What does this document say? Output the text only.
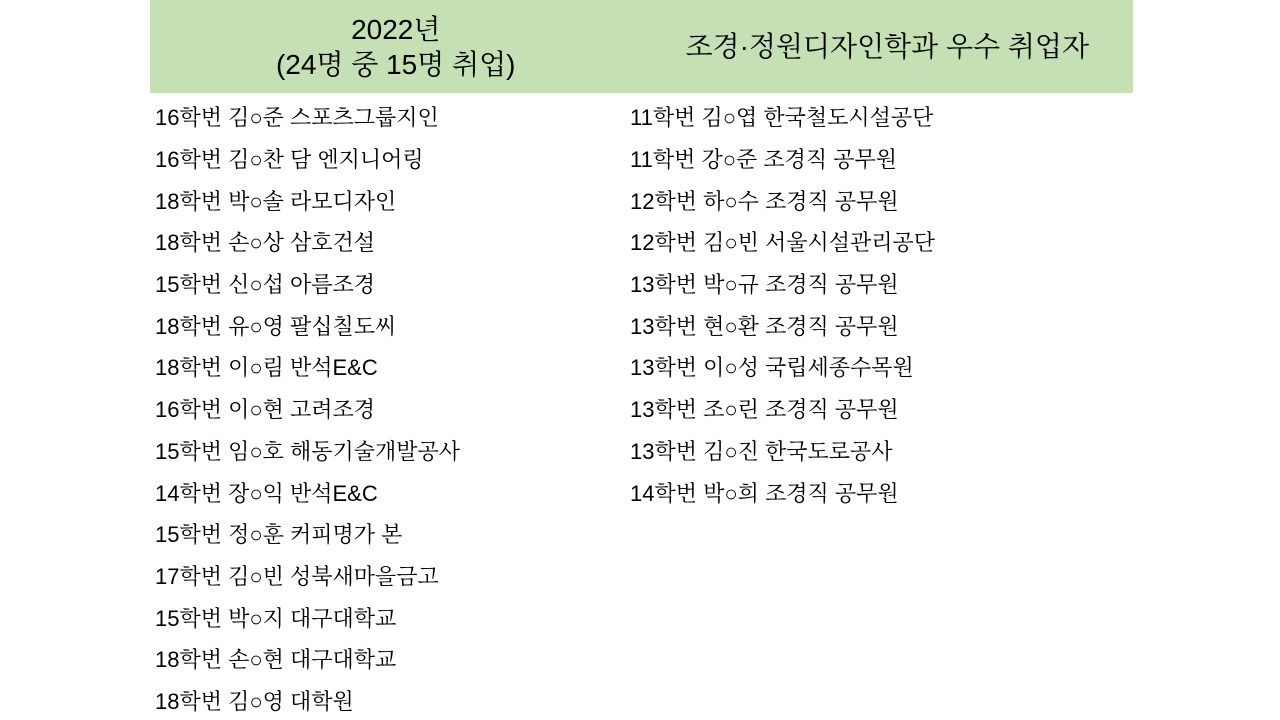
2022년
(24명 중 15명 취업)
조경·정원디자인학과 우수 취업자
16학번 김○준 스포츠그룹지인
16학번 김○찬 담 엔지니어링
18학번 박○솔 라모디자인
18학번 손○상 삼호건설
15학번 신○섭 아름조경
18학번 유○영 팔십칠도씨
18학번 이○림 반석E&C
16학번 이○현 고려조경
15학번 임○호 해동기술개발공사
14학번 장○익 반석E&C
15학번 정○훈 커피명가 본
17학번 김○빈 성북새마을금고
15학번 박○지 대구대학교
18학번 손○현 대구대학교
18학번 김○영 대학원
11학번 김○엽 한국철도시설공단
11학번 강○준 조경직 공무원
12학번 하○수 조경직 공무원
12학번 김○빈 서울시설관리공단
13학번 박○규 조경직 공무원
13학번 현○환 조경직 공무원
13학번 이○성 국립세종수목원
13학번 조○린 조경직 공무원
13학번 김○진 한국도로공사
14학번 박○희 조경직 공무원
